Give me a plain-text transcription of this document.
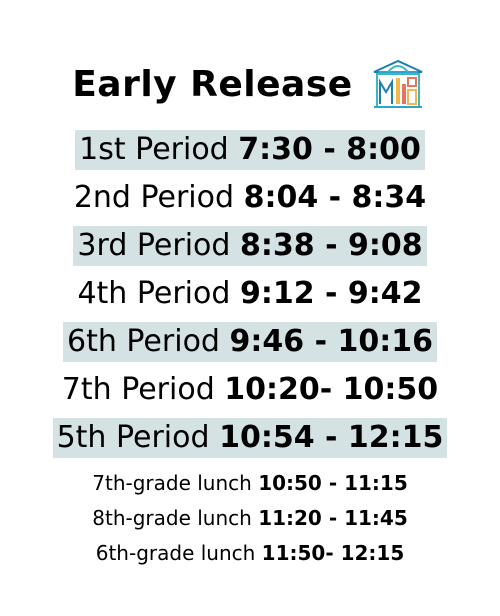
Early Release
1st Period 7:30 - 8:00
2nd Period 8:04 - 8:34
3rd Period 8:38 - 9:08
4th Period 9:12 - 9:42
6th Period 9:46 - 10:16
7th Period 10:20- 10:50
5th Period 10:54 - 12:15
7th-grade lunch 10:50 - 11:15
8th-grade lunch 11:20 - 11:45
6th-grade lunch 11:50- 12:15
